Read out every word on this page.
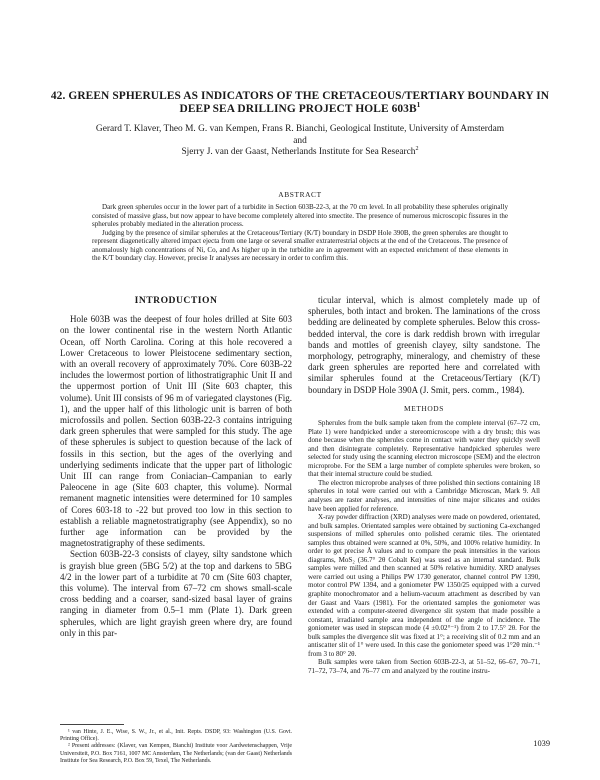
42. GREEN SPHERULES AS INDICATORS OF THE CRETACEOUS/TERTIARY BOUNDARY IN
DEEP SEA DRILLING PROJECT HOLE $603B^1$
Gerard T. Klaver, Theo M. G. van Kempen, Frans R. Bianchi, Geological Institute, University of Amsterdam
and
Sjerry J. van der Gaast, Netherlands Institute for Sea Research$^2$
ABSTRACT

Dark green spherules occur in the lower part of a turbidite in Section 603B-22-3, at the 70 cm level. In all probability these spherules originally consisted of massive glass, but now appear to have become completely altered into smectite. The presence of numerous microscopic fissures in the spherules probably mediated in the alteration process.

Judging by the presence of similar spherules at the Cretaceous/Tertiary (K/T) boundary in DSDP Hole 390B, the green spherules are thought to represent diagenetically altered impact ejecta from one large or several smaller extraterrestrial objects at the end of the Cretaceous. The presence of anomalously high concentrations of Ni, Co, and As higher up in the turbidite are in agreement with an expected enrichment of these elements in the K/T boundary clay. However, precise Ir analyses are necessary in order to confirm this.

INTRODUCTION

Hole 603B was the deepest of four holes drilled at Site 603 on the lower continental rise in the western North Atlantic Ocean, off North Carolina. Coring at this hole recovered a Lower Cretaceous to lower Pleistocene sedimentary section, with an overall recovery of approximately 70%. Core 603B-22 includes the lowermost portion of lithostratigraphic Unit II and the uppermost portion of Unit III (Site 603 chapter, this volume). Unit III consists of 96 m of variegated claystones (Fig. 1), and the upper half of this lithologic unit is barren of both microfossils and pollen. Section 603B-22-3 contains intriguing dark green spherules that were sampled for this study. The age of these spherules is subject to question because of the lack of fossils in this section, but the ages of the overlying and underlying sediments indicate that the upper part of lithologic Unit III can range from Coniacian–Campanian to early Paleocene in age (Site 603 chapter, this volume). Normal remanent magnetic intensities were determined for 10 samples of Cores 603-18 to -22 but proved too low in this section to establish a reliable magnetostratigraphy (see Appendix), so no further age information can be provided by the magnetostratigraphy of these sediments.

Section 603B-22-3 consists of clayey, silty sandstone which is grayish blue green (5BG 5/2) at the top and darkens to 5BG 4/2 in the lower part of a turbidite at 70 cm (Site 603 chapter, this volume). The interval from 67–72 cm shows small-scale cross bedding and a coarser, sand-sized basal layer of grains ranging in diameter from 0.5–1 mm (Plate 1). Dark green spherules, which are light grayish green where dry, are found only in this par-

ticular interval, which is almost completely made up of spherules, both intact and broken. The laminations of the cross bedding are delineated by complete spherules. Below this cross-bedded interval, the core is dark reddish brown with irregular bands and mottles of greenish clayey, silty sandstone. The morphology, petrography, mineralogy, and chemistry of these dark green spherules are reported here and correlated with similar spherules found at the Cretaceous/Tertiary (K/T) boundary in DSDP Hole 390A (J. Smit, pers. comm., 1984).

METHODS

Spherules from the bulk sample taken from the complete interval (67–72 cm, Plate 1) were handpicked under a stereomicroscope with a dry brush; this was done because when the spherules come in contact with water they quickly swell and then disintegrate completely. Representative handpicked spherules were selected for study using the scanning electron microscope (SEM) and the electron microprobe. For the SEM a large number of complete spherules were broken, so that their internal structure could be studied.

The electron microprobe analyses of three polished thin sections containing 18 spherules in total were carried out with a Cambridge Microscan, Mark 9. All analyses are raster analyses, and intensities of nine major silicates and oxides have been applied for reference.

X-ray powder diffraction (XRD) analyses were made on powdered, orientated, and bulk samples. Orientated samples were obtained by suctioning Ca-exchanged suspensions of milled spherules onto polished ceramic tiles. The orientated samples thus obtained were scanned at 0%, 50%, and 100% relative humidity. In order to get precise Å values and to compare the peak intensities in the various diagrams, MoS₂ (36.7° 2θ Cobalt Kα) was used as an internal standard. Bulk samples were milled and then scanned at 50% relative humidity. XRD analyses were carried out using a Philips PW 1730 generator, channel control PW 1390, motor control PW 1394, and a goniometer PW 1350/25 equipped with a curved graphite monochromator and a helium-vacuum attachment as described by van der Gaast and Vaars (1981). For the orientated samples the goniometer was extended with a computer-steered divergence slit system that made possible a constant, irradiated sample area independent of the angle of incidence. The goniometer was used in stepscan mode (4 ±0.02°⁻¹) from 2 to 17.5° 2θ. For the bulk samples the divergence slit was fixed at 1°; a receiving slit of 0.2 mm and an antiscatter slit of 1° were used. In this case the goniometer speed was 1°2θ min.⁻¹ from 3 to 80° 2θ.

Bulk samples were taken from Section 603B-22-3, at 51–52, 66–67, 70–71, 71–72, 73–74, and 76–77 cm and analyzed by the routine instru-

¹ van Hinte, J. E., Wise, S. W., Jr., et al., Init. Repts. DSDP, 93: Washington (U.S. Govt. Printing Office).

² Present addresses: (Klaver, van Kempen, Bianchi) Institute voor Aardwetenschappen, Vrije Universiteit, P.O. Box 7161, 1007 MC Amsterdam, The Netherlands; (van der Gaast) Netherlands Institute for Sea Research, P.O. Box 59, Texel, The Netherlands.

1039
